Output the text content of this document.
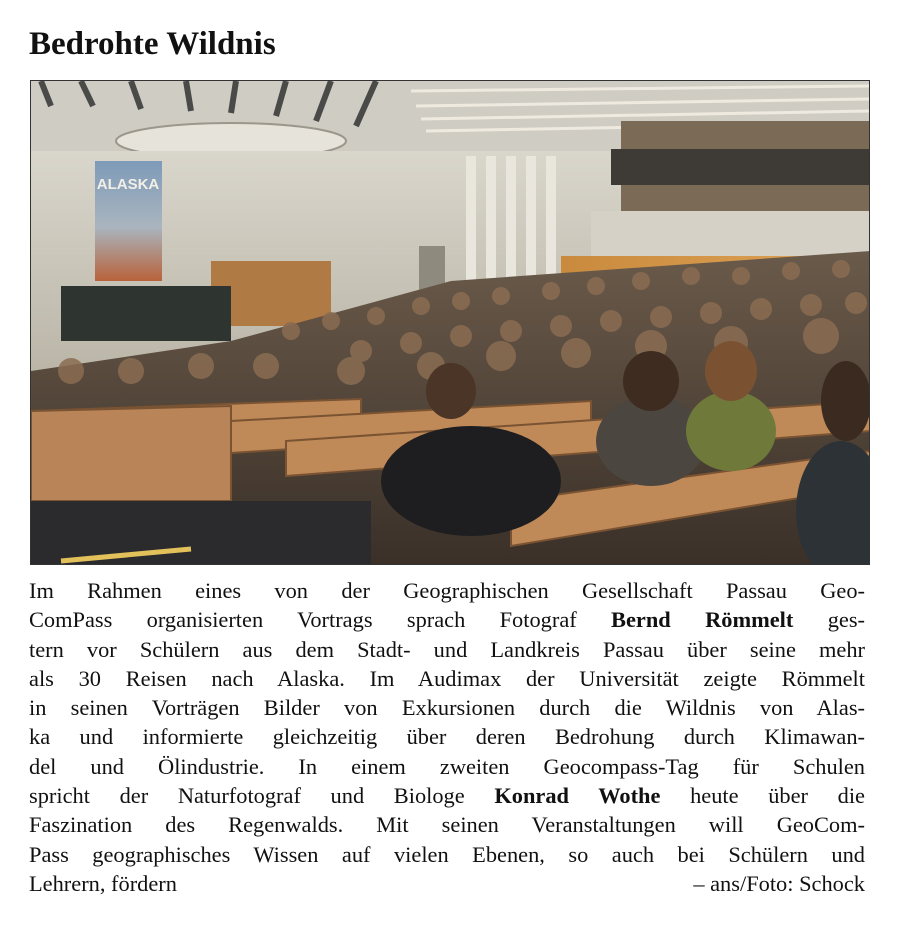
Bedrohte Wildnis
ALASKA
Im Rahmen eines von der Geographischen Gesellschaft Passau Geo-
ComPass organisierten Vortrags sprach Fotograf Bernd Römmelt ges-
tern vor Schülern aus dem Stadt- und Landkreis Passau über seine mehr
als 30 Reisen nach Alaska. Im Audimax der Universität zeigte Römmelt
in seinen Vorträgen Bilder von Exkursionen durch die Wildnis von Alas-
ka und informierte gleichzeitig über deren Bedrohung durch Klimawan-
del und Ölindustrie. In einem zweiten Geocompass-Tag für Schulen
spricht der Naturfotograf und Biologe Konrad Wothe heute über die
Faszination des Regenwalds. Mit seinen Veranstaltungen will GeoCom-
Pass geographisches Wissen auf vielen Ebenen, so auch bei Schülern und
Lehrern, fördern	– ans/Foto: Schock
